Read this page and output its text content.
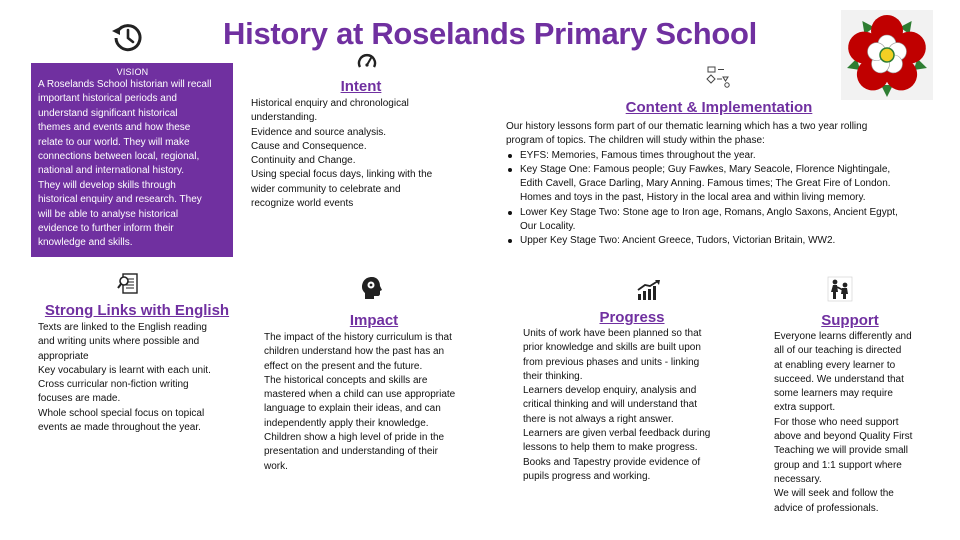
History at Roselands Primary School
VISION
A Roselands School historian will recall
important historical periods and
understand significant historical
themes and events and how these
relate to our world. They will make
connections between local, regional,
national and international history.
They will develop skills through
historical enquiry and research. They
will be able to analyse historical
evidence to further inform their
knowledge and skills.
Intent
Historical enquiry and chronological
understanding.
Evidence and source analysis.
Cause and Consequence.
Continuity and Change.
Using special focus days, linking with the
wider community to celebrate and
recognize world events
Content & Implementation
Our history lessons form part of our thematic learning which has a two year rolling
program of topics. The children will study within the phase:
EYFS: Memories, Famous times throughout the year.
Key Stage One: Famous people; Guy Fawkes, Mary Seacole, Florence Nightingale,
Edith Cavell, Grace Darling, Mary Anning. Famous times; The Great Fire of London.
Homes and toys in the past, History in the local area and within living memory.
Lower Key Stage Two: Stone age to Iron age, Romans, Anglo Saxons, Ancient Egypt,
Our Locality.
Upper Key Stage Two: Ancient Greece, Tudors, Victorian Britain, WW2.
Strong Links with English
Texts are linked to the English reading
and writing units where possible and
appropriate
Key vocabulary is learnt with each unit.
Cross curricular non-fiction writing
focuses are made.
Whole school special focus on topical
events ae made throughout the year.
Impact
The impact of the history curriculum is that
children understand how the past has an
effect on the present and the future.
The historical concepts and skills are
mastered when a child can use appropriate
language to explain their ideas, and can
independently apply their knowledge.
Children show a high level of pride in the
presentation and understanding of their
work.
Progress
Units of work have been planned so that
prior knowledge and skills are built upon
from previous phases and units - linking
their thinking.
Learners develop enquiry, analysis and
critical thinking and will understand that
there is not always a right answer.
Learners are given verbal feedback during
lessons to help them to make progress.
Books and Tapestry provide evidence of
pupils progress and working.
Support
Everyone learns differently and
all of our teaching is directed
at enabling every learner to
succeed. We understand that
some learners may require
extra support.
For those who need support
above and beyond Quality First
Teaching we will provide small
group and 1:1 support where
necessary.
We will seek and follow the
advice of professionals.
